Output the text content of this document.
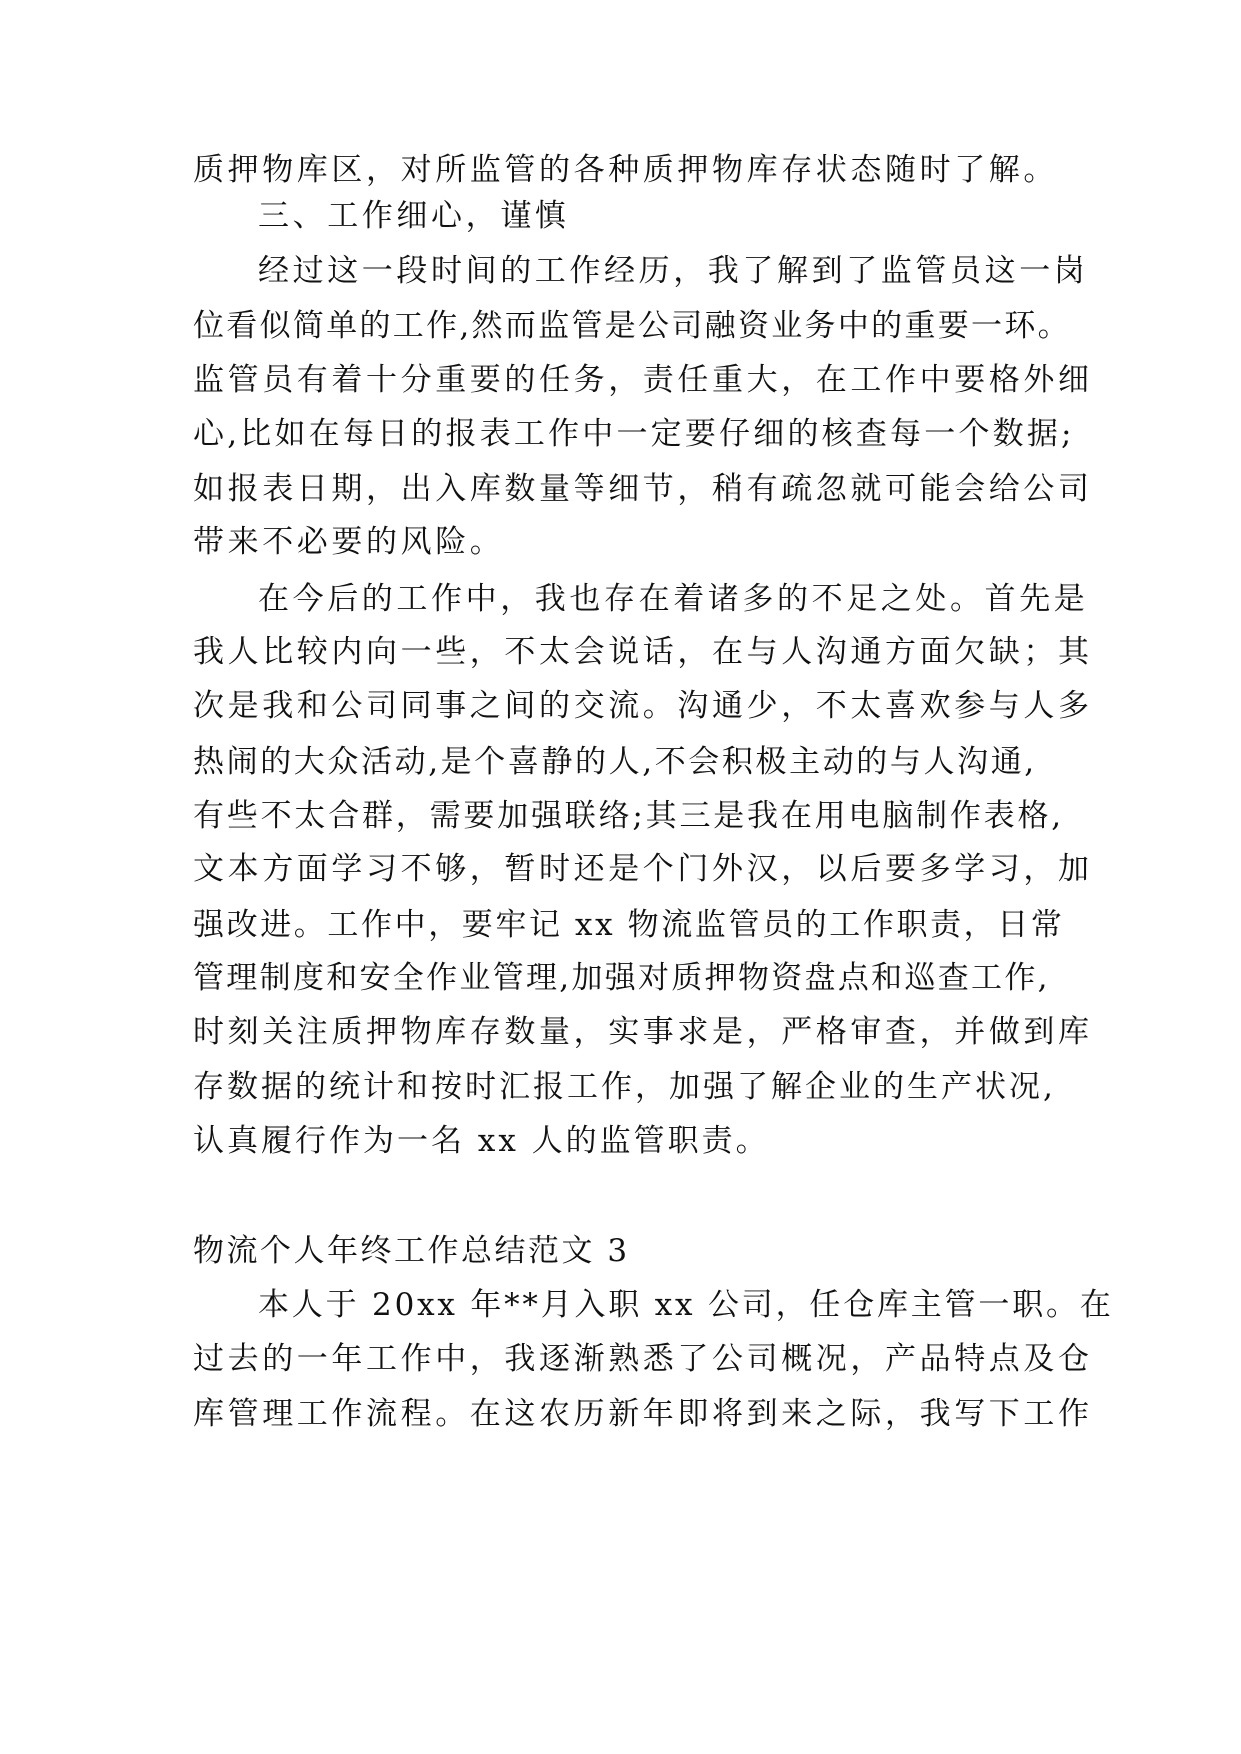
质押物库区，对所监管的各种质押物库存状态随时了解。

三、工作细心，谨慎

经过这一段时间的工作经历，我了解到了监管员这一岗

位看似简单的工作,然而监管是公司融资业务中的重要一环。

监管员有着十分重要的任务，责任重大，在工作中要格外细

心,比如在每日的报表工作中一定要仔细的核查每一个数据;

如报表日期，出入库数量等细节，稍有疏忽就可能会给公司

带来不必要的风险。

在今后的工作中，我也存在着诸多的不足之处。首先是

我人比较内向一些，不太会说话，在与人沟通方面欠缺；其

次是我和公司同事之间的交流。沟通少，不太喜欢参与人多

热闹的大众活动,是个喜静的人,不会积极主动的与人沟通,

有些不太合群，需要加强联络;其三是我在用电脑制作表格,

文本方面学习不够，暂时还是个门外汉，以后要多学习，加

强改进。工作中，要牢记 xx 物流监管员的工作职责，日常

管理制度和安全作业管理,加强对质押物资盘点和巡查工作,

时刻关注质押物库存数量，实事求是，严格审查，并做到库

存数据的统计和按时汇报工作，加强了解企业的生产状况,

认真履行作为一名 xx 人的监管职责。

物流个人年终工作总结范文 3

本人于 20xx 年**月入职 xx 公司，任仓库主管一职。在

过去的一年工作中，我逐渐熟悉了公司概况，产品特点及仓

库管理工作流程。在这农历新年即将到来之际，我写下工作
